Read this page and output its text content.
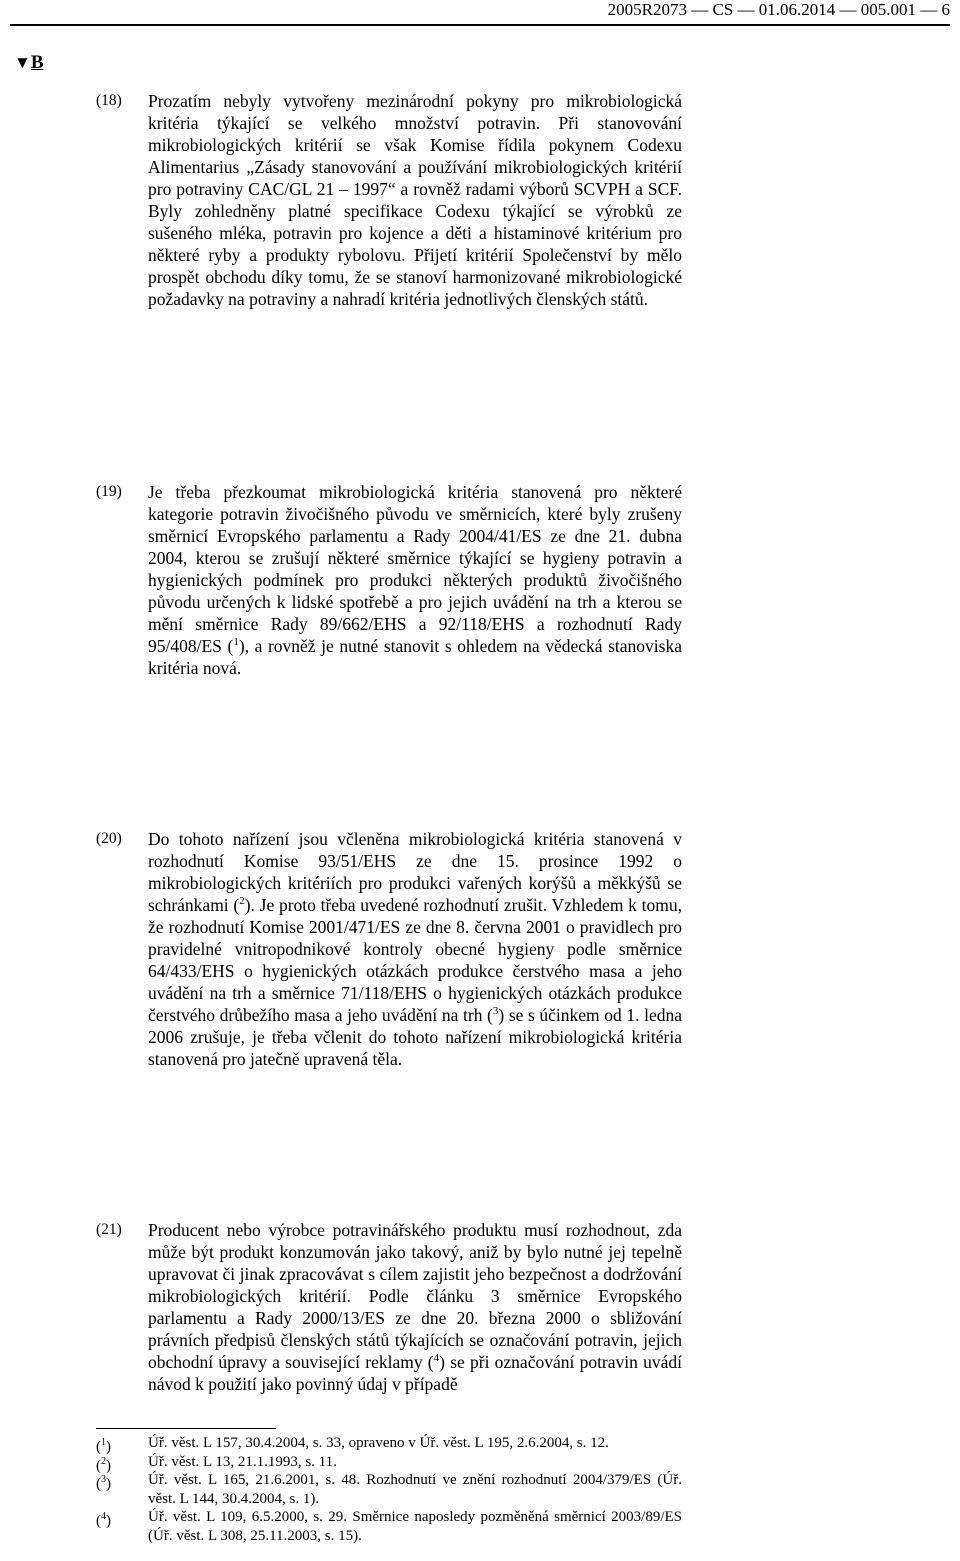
2005R2073 — CS — 01.06.2014 — 005.001 — 6
▼B
(18) Prozatím nebyly vytvořeny mezinárodní pokyny pro mikrobiologická kritéria týkající se velkého množství potravin. Při stanovování mikrobiologických kritérií se však Komise řídila pokynem Codexu Alimentarius „Zásady stanovování a používání mikrobiologických kritérií pro potraviny CAC/GL 21 – 1997“ a rovněž radami výborů SCVPH a SCF. Byly zohledněny platné specifikace Codexu týkající se výrobků ze sušeného mléka, potravin pro kojence a děti a histaminové kritérium pro některé ryby a produkty rybolovu. Přijetí kritérií Společenství by mělo prospět obchodu díky tomu, že se stanoví harmonizované mikrobiologické požadavky na potraviny a nahradí kritéria jednotlivých členských států.
(19) Je třeba přezkoumat mikrobiologická kritéria stanovená pro některé kategorie potravin živočišného původu ve směrnicích, které byly zrušeny směrnicí Evropského parlamentu a Rady 2004/41/ES ze dne 21. dubna 2004, kterou se zrušují některé směrnice týkající se hygieny potravin a hygienických podmínek pro produkci některých produktů živočišného původu určených k lidské spotřebě a pro jejich uvádění na trh a kterou se mění směrnice Rady 89/662/EHS a 92/118/EHS a rozhodnutí Rady 95/408/ES ($^1$), a rovněž je nutné stanovit s ohledem na vědecká stanoviska kritéria nová.
(20) Do tohoto nařízení jsou včleněna mikrobiologická kritéria stanovená v rozhodnutí Komise 93/51/EHS ze dne 15. prosince 1992 o mikrobiologických kritériích pro produkci vařených korýšů a měkkýšů se schránkami ($^2$). Je proto třeba uvedené rozhodnutí zrušit. Vzhledem k tomu, že rozhodnutí Komise 2001/471/ES ze dne 8. června 2001 o pravidlech pro pravidelné vnitropodnikové kontroly obecné hygieny podle směrnice 64/433/EHS o hygienických otázkách produkce čerstvého masa a jeho uvádění na trh a směrnice 71/118/EHS o hygienických otázkách produkce čerstvého drůbežího masa a jeho uvádění na trh ($^3$) se s účinkem od 1. ledna 2006 zrušuje, je třeba včlenit do tohoto nařízení mikrobiologická kritéria stanovená pro jatečně upravená těla.
(21) Producent nebo výrobce potravinářského produktu musí rozhodnout, zda může být produkt konzumován jako takový, aniž by bylo nutné jej tepelně upravovat či jinak zpracovávat s cílem zajistit jeho bezpečnost a dodržování mikrobiologických kritérií. Podle článku 3 směrnice Evropského parlamentu a Rady 2000/13/ES ze dne 20. března 2000 o sbližování právních předpisů členských států týkajících se označování potravin, jejich obchodní úpravy a související reklamy ($^4$) se při označování potravin uvádí návod k použití jako povinný údaj v případě
($^1$) Úř. věst. L 157, 30.4.2004, s. 33, opraveno v Úř. věst. L 195, 2.6.2004, s. 12.
($^2$) Úř. věst. L 13, 21.1.1993, s. 11.
($^3$) Úř. věst. L 165, 21.6.2001, s. 48. Rozhodnutí ve znění rozhodnutí 2004/379/ES (Úř. věst. L 144, 30.4.2004, s. 1).
($^4$) Úř. věst. L 109, 6.5.2000, s. 29. Směrnice naposledy pozměněná směrnicí 2003/89/ES (Úř. věst. L 308, 25.11.2003, s. 15).
